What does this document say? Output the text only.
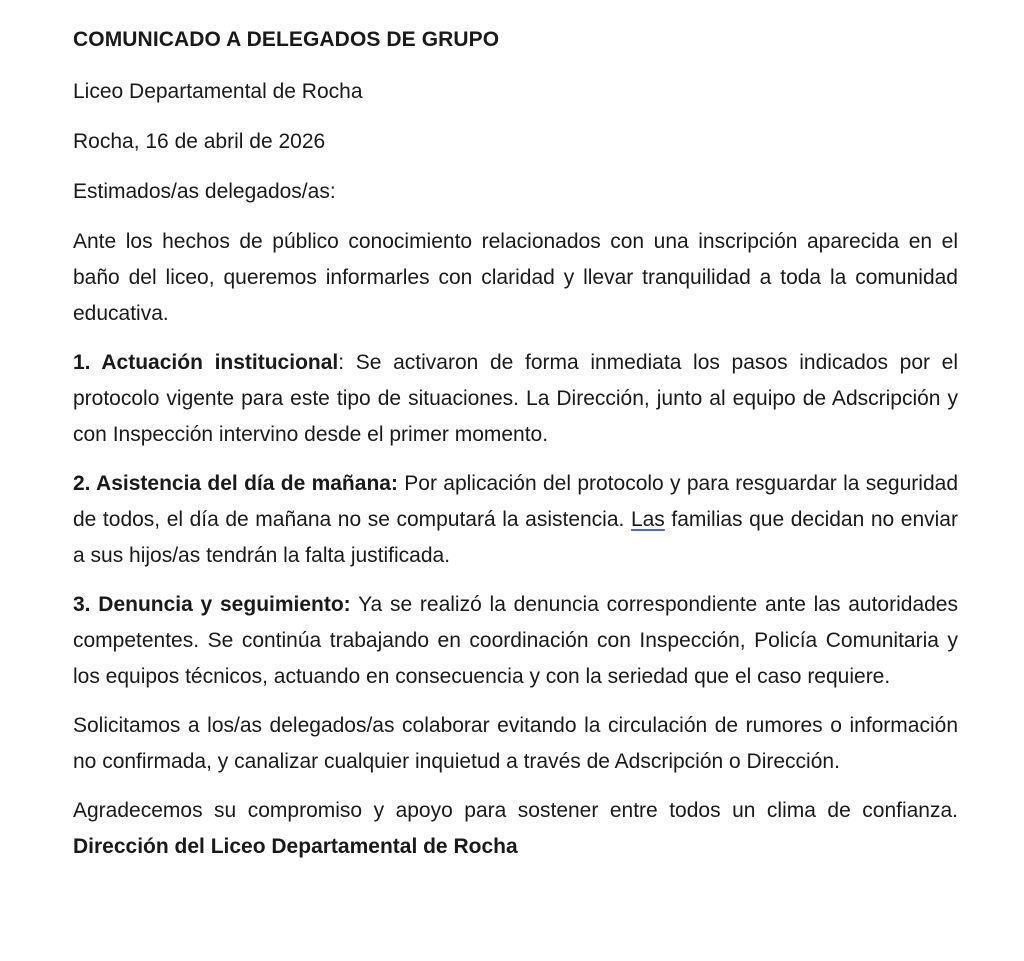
COMUNICADO A DELEGADOS DE GRUPO
Liceo Departamental de Rocha
Rocha, 16 de abril de 2026
Estimados/as delegados/as:
Ante los hechos de público conocimiento relacionados con una inscripción aparecida en el baño del liceo, queremos informarles con claridad y llevar tranquilidad a toda la comunidad educativa.
1. Actuación institucional: Se activaron de forma inmediata los pasos indicados por el protocolo vigente para este tipo de situaciones. La Dirección, junto al equipo de Adscripción y con Inspección intervino desde el primer momento.
2. Asistencia del día de mañana: Por aplicación del protocolo y para resguardar la seguridad de todos, el día de mañana no se computará la asistencia. Las familias que decidan no enviar a sus hijos/as tendrán la falta justificada.
3. Denuncia y seguimiento: Ya se realizó la denuncia correspondiente ante las autoridades competentes. Se continúa trabajando en coordinación con Inspección, Policía Comunitaria y los equipos técnicos, actuando en consecuencia y con la seriedad que el caso requiere.
Solicitamos a los/as delegados/as colaborar evitando la circulación de rumores o información no confirmada, y canalizar cualquier inquietud a través de Adscripción o Dirección.
Agradecemos su compromiso y apoyo para sostener entre todos un clima de confianza. Dirección del Liceo Departamental de Rocha
